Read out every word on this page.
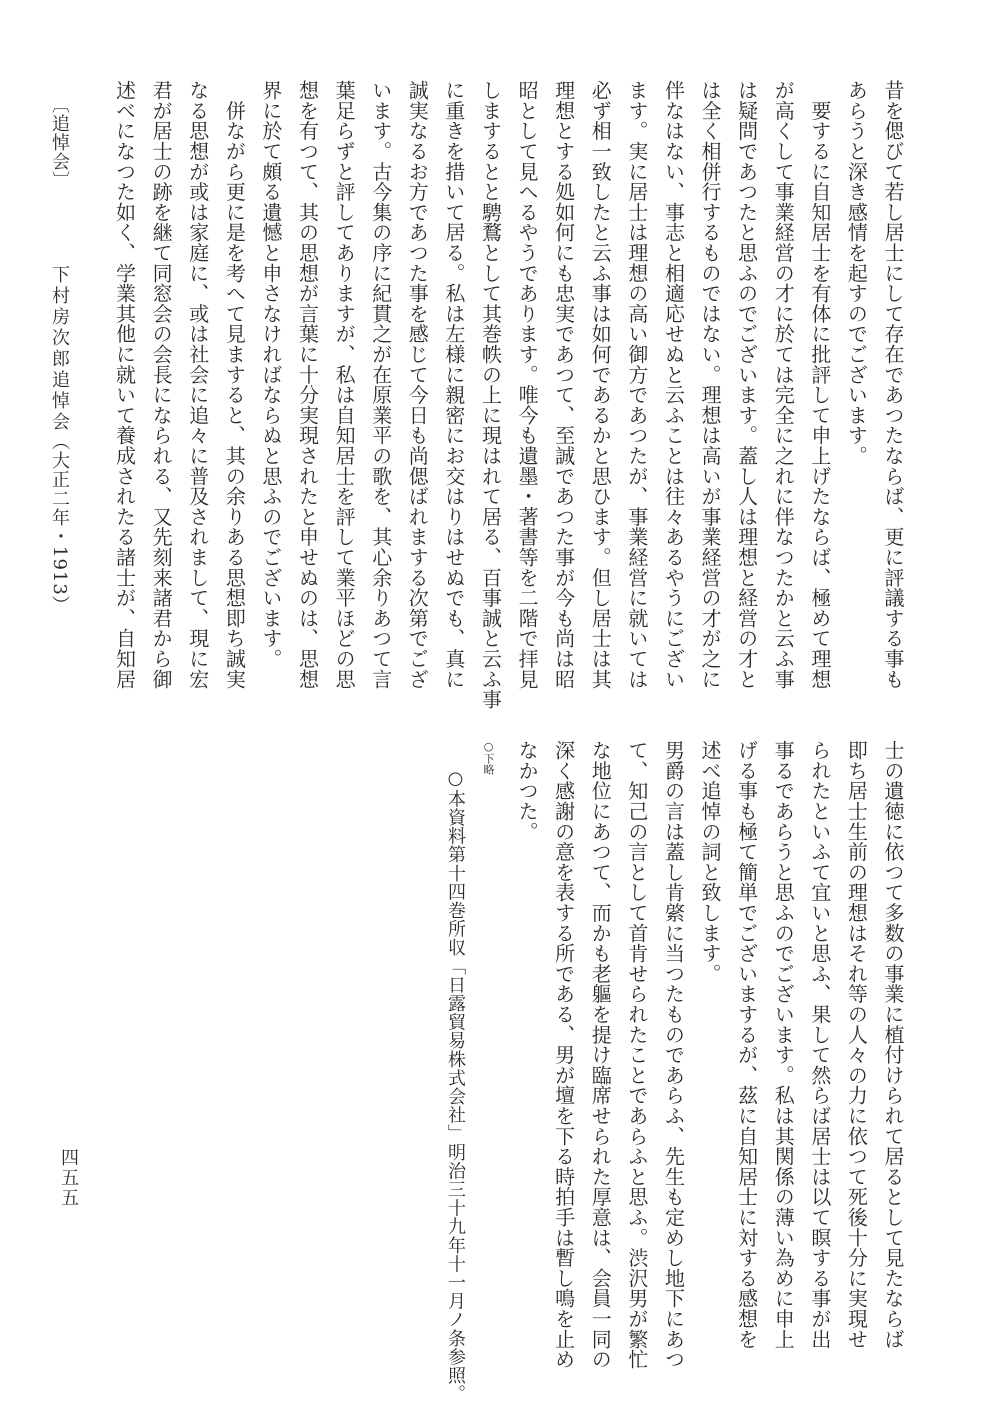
〔追悼会〕
下村房次郎追悼会
（大正二年・1913）	昔を偲びて若し居士にして存在であつたならば、更に評議する事も
あらうと深き感情を起すのでございます。
　要するに自知居士を有体に批評して申上げたならば、極めて理想
が高くして事業経営の才に於ては完全に之れに伴なつたかと云ふ事
は疑問であつたと思ふのでございます。蓋し人は理想と経営の才と
は全く相併行するものではない。理想は高いが事業経営の才が之に
伴なはない、事志と相適応せぬと云ふことは往々あるやうにござい
ます。実に居士は理想の高い御方であつたが、事業経営に就いては
必ず相一致したと云ふ事は如何であるかと思ひます。但し居士は其
理想とする処如何にも忠実であつて、至誠であつた事が今も尚は昭
昭として見へるやうであります。唯今も遺墨・著書等を二階で拝見
しまするとと騁鶩として其巻帙の上に現はれて居る、百事誠と云ふ事
に重きを措いて居る。私は左様に親密にお交はりはせぬでも、真に
誠実なるお方であつた事を感じて今日も尚偲ばれまする次第でござ
います。古今集の序に紀貫之が在原業平の歌を、其心余りあつて言
葉足らずと評してありますが、私は自知居士を評して業平ほどの思
想を有つて、其の思想が言葉に十分実現されたと申せぬのは、思想
界に於て頗る遺憾と申さなければならぬと思ふのでございます。
　併ながら更に是を考へて見ますると、其の余りある思想即ち誠実
なる思想が或は家庭に、或は社会に追々に普及されまして、現に宏
君が居士の跡を継て同窓会の会長になられる、又先刻来諸君から御
述べになつた如く、学業其他に就いて養成されたる諸士が、自知居
士の遺徳に依つて多数の事業に植付けられて居るとして見たならば
即ち居士生前の理想はそれ等の人々の力に依つて死後十分に実現せ
られたといふて宜いと思ふ、果して然らば居士は以て瞑する事が出
事るであらうと思ふのでございます。私は其関係の薄い為めに申上
げる事も極て簡単でございまするが、茲に自知居士に対する感想を
述べ追悼の詞と致します。
男爵の言は蓋し肯綮に当つたものであらふ、先生も定めし地下にあつ
て、知己の言として首肯せられたことであらふと思ふ。渋沢男が繁忙
な地位にあつて、而かも老軀を提け臨席せられた厚意は、会員一同の
深く感謝の意を表する所である、男が壇を下る時拍手は暫し鳴を止め
なかつた。
○下略
○本資料第十四巻所収「日露貿易株式会社」明治三十九年十一月ノ条参照。
四五五
